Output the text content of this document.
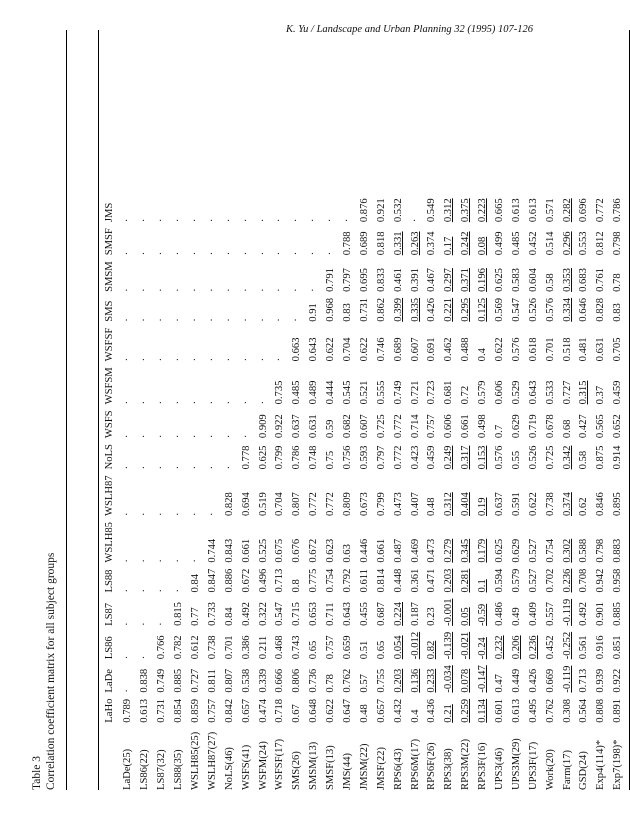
K. Yu / Landscape and Urban Planning 32 (1995) 107-126
Table 3 Correlation coefficient matrix for all subject groups
		LaHo	LaDe	LS86	LS87	LS88	WSLH85	WSLH87	NoLS	WSFS	WSFSM	WSFSF	SMS	SMSM	SMSF	JMS
LaDe(25)	0.789	·	·	·	·	·	·	·	·	·	·	·	·	·	·
LS86(22)	0.613	0.838	·	·	·	·	·	·	·	·	·	·	·	·	·
LS87(32)	0.731	0.749	0.766	·	·	·	·	·	·	·	·	·	·	·	·
LS88(35)	0.854	0.885	0.782	0.815	·	·	·	·	·	·	·	·	·	·	·
WSLH85(25)	0.859	0.727	0.612	0.77	0.84	·	·	·	·	·	·	·	·	·	·
WSLH87(27)	0.757	0.811	0.738	0.733	0.847	0.744	·	·	·	·	·	·	·	·	·
NoLS(46)	0.842	0.807	0.701	0.84	0.886	0.843	0.828	·	·	·	·	·	·	·	·
WSFS(41)	0.657	0.538	0.386	0.492	0.672	0.661	0.694	0.778	·	·	·	·	·	·	·
WSFM(24)	0.474	0.339	0.211	0.322	0.496	0.525	0.519	0.625	0.909	·	·	·	·	·	·
WSFSF(17)	0.718	0.666	0.468	0.547	0.713	0.675	0.704	0.799	0.922	0.735	·	·	·	·	·
SMS(26)	0.67	0.806	0.743	0.715	0.8	0.676	0.807	0.786	0.637	0.485	0.663	·	·	·	·
SMSM(13)	0.648	0.736	0.65	0.653	0.775	0.672	0.772	0.748	0.631	0.489	0.643	0.91	·	·	·
SMSF(13)	0.622	0.78	0.757	0.711	0.754	0.623	0.772	0.75	0.59	0.444	0.622	0.968	0.791	·	·
JMS(44)	0.647	0.762	0.659	0.643	0.792	0.63	0.809	0.756	0.682	0.545	0.704	0.83	0.797	0.788	·
JMSM(22)	0.48	0.57	0.51	0.455	0.611	0.446	0.673	0.593	0.607	0.521	0.622	0.731	0.695	0.689	0.876
JMSF(22)	0.657	0.755	0.65	0.687	0.814	0.661	0.799	0.797	0.725	0.555	0.746	0.862	0.833	0.818	0.921
RPS6(43)	0.432	0.203	0.054	0.224	0.448	0.487	0.473	0.772	0.772	0.749	0.689	0.399	0.461	0.331	0.532
RPS6M(17)	0.4	0.136	-0.012	0.187	0.361	0.469	0.407	0.423	0.714	0.721	0.607	0.335	0.391	0.263	·
RPS6F(26)	0.436	0.233	0.82	0.23	0.471	0.473	0.48	0.459	0.757	0.723	0.691	0.426	0.467	0.374	0.549
RPS3(38)	0.21	-0.034	-0.139	-0.001	0.203	0.279	0.312	0.249	0.606	0.681	0.462	0.221	0.297	0.17	0.312
RPS3M(22)	0.259	0.078	-0.021	0.05	0.281	0.345	0.404	0.317	0.661	0.72	0.488	0.295	0.371	0.242	0.375
RPS3F(16)	0.134	-0.147	-0.24	-0.59	0.1	0.179	0.19	0.153	0.498	0.579	0.4	0.125	0.196	0.08	0.223
UPS3(46)	0.601	0.47	0.232	0.486	0.594	0.625	0.637	0.576	0.7	0.606	0.622	0.569	0.625	0.499	0.665
UPS3M(29)	0.613	0.449	0.206	0.49	0.579	0.629	0.591	0.55	0.629	0.529	0.576	0.547	0.583	0.485	0.613
UPS3F(17)	0.495	0.426	0.236	0.409	0.527	0.527	0.622	0.526	0.719	0.643	0.618	0.526	0.604	0.452	0.613
Work(20)	0.762	0.669	0.452	0.557	0.702	0.754	0.738	0.725	0.678	0.533	0.701	0.576	0.58	0.514	0.571
Farm(17)	0.308	-0.119	-0.252	-0.119	0.236	0.302	0.374	0.342	0.68	0.727	0.518	0.334	0.353	0.296	0.282
GSD(24)	0.564	0.713	0.561	0.492	0.708	0.588	0.62	0.58	0.427	0.315	0.481	0.646	0.683	0.553	0.696
Exp4(114)*	0.808	0.939	0.916	0.901	0.942	0.798	0.846	0.875	0.565	0.37	0.631	0.828	0.761	0.812	0.772
Exp7(198)*	0.891	0.922	0.851	0.885	0.958	0.883	0.895	0.914	0.652	0.459	0.705	0.83	0.78	0.798	0.786
